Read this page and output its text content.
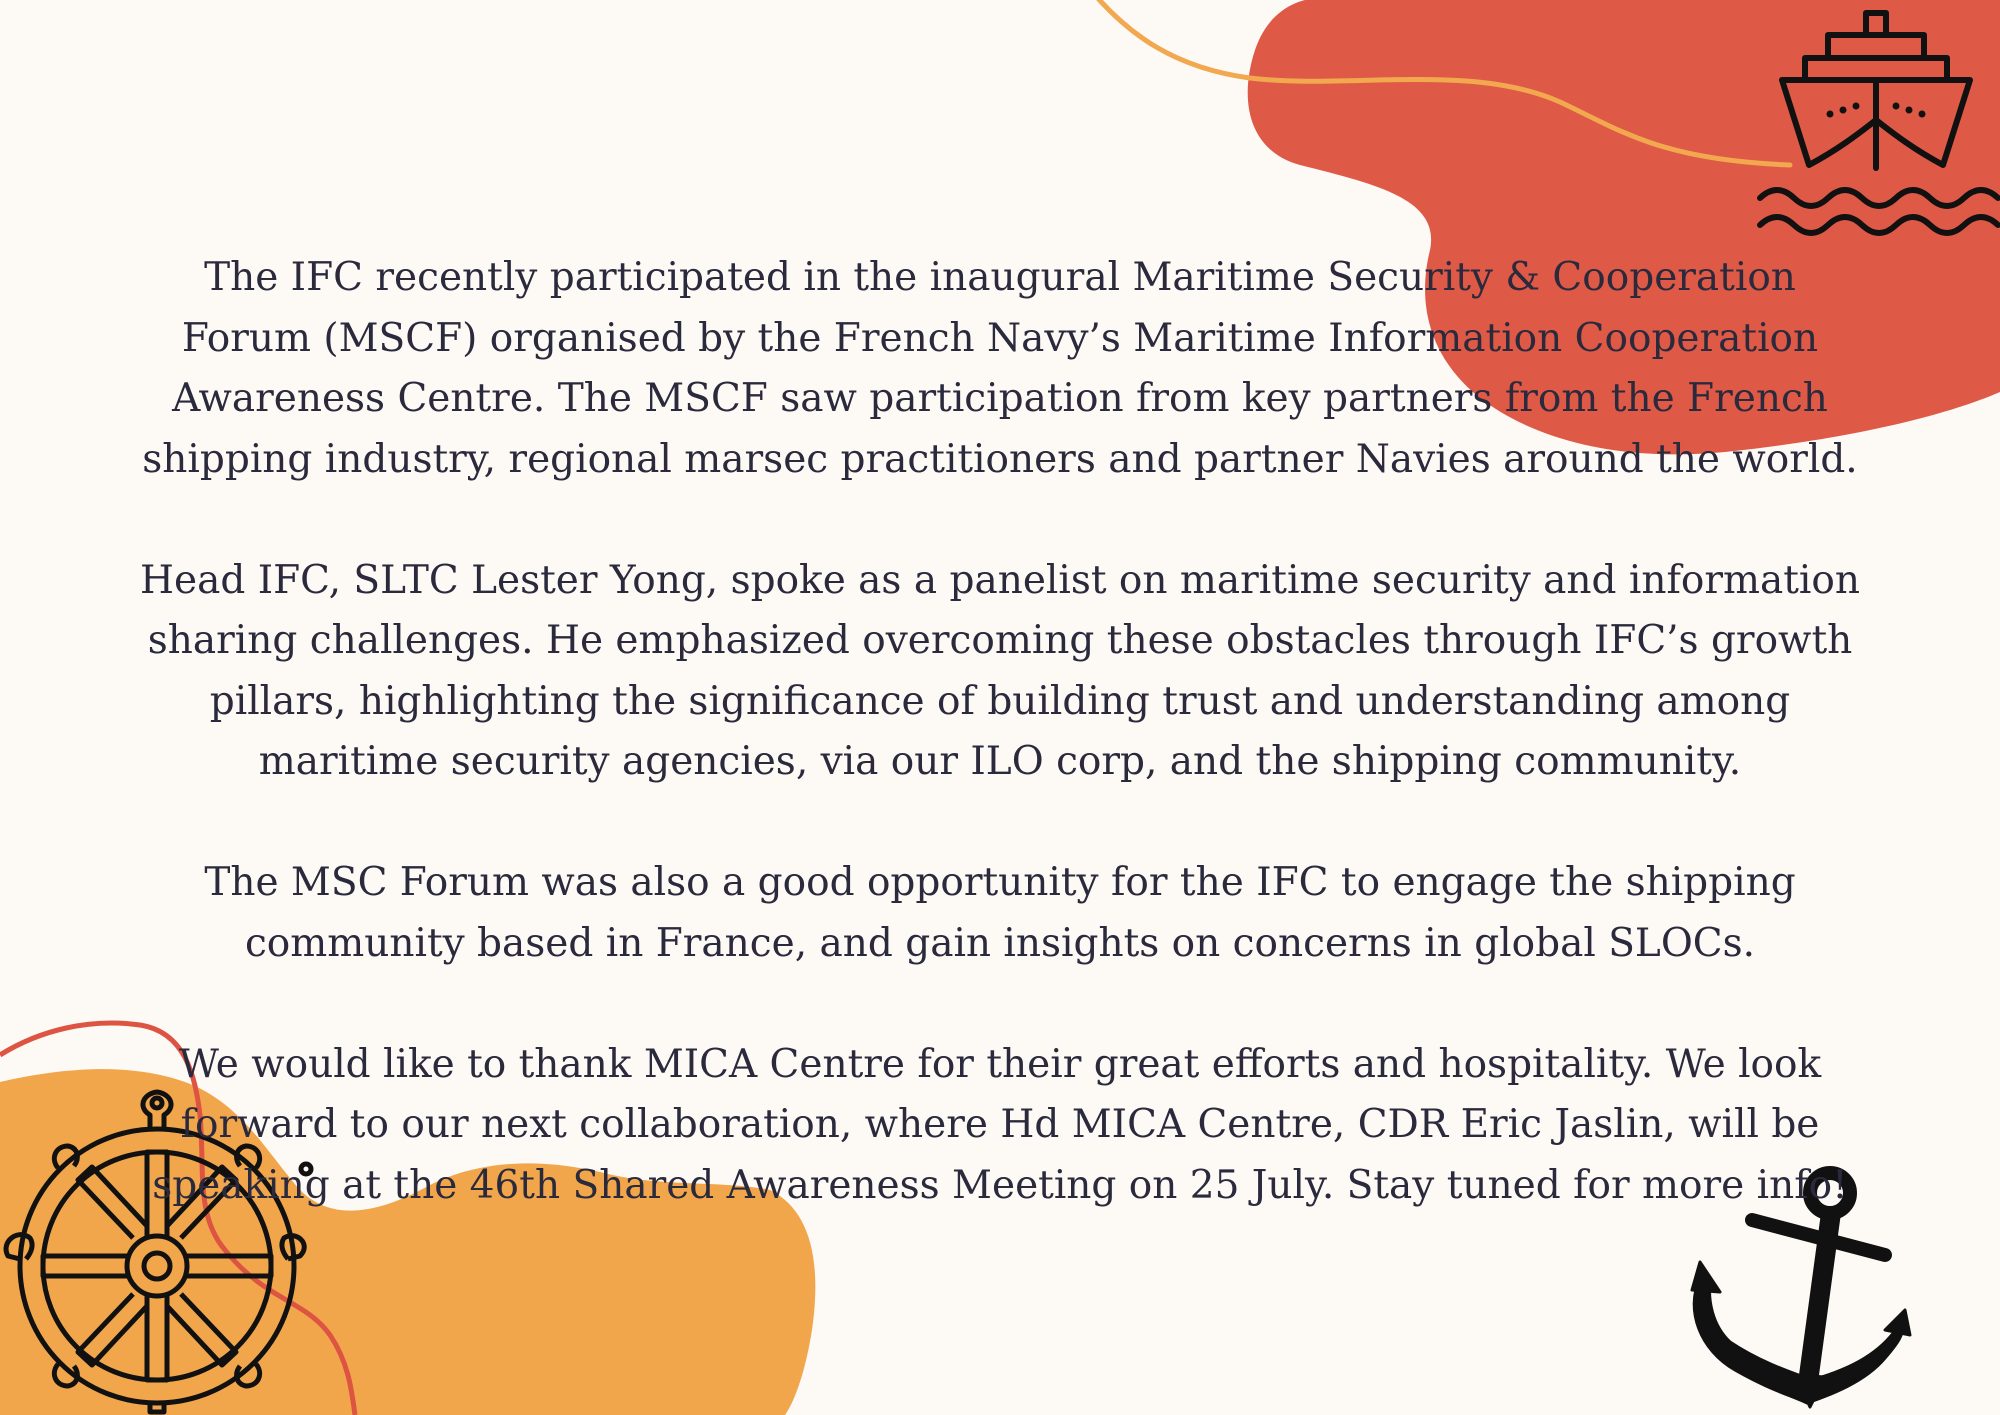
The IFC recently participated in the inaugural Maritime Security & Cooperation Forum (MSCF) organised by the French Navy’s Maritime Information Cooperation Awareness Centre. The MSCF saw participation from key partners from the French shipping industry, regional marsec practitioners and partner Navies around the world.

Head IFC, SLTC Lester Yong, spoke as a panelist on maritime security and information sharing challenges. He emphasized overcoming these obstacles through IFC’s growth pillars, highlighting the significance of building trust and understanding among maritime security agencies, via our ILO corp, and the shipping community.

The MSC Forum was also a good opportunity for the IFC to engage the shipping community based in France, and gain insights on concerns in global SLOCs.

We would like to thank MICA Centre for their great efforts and hospitality. We look forward to our next collaboration, where Hd MICA Centre, CDR Eric Jaslin, will be speaking at the 46th Shared Awareness Meeting on 25 July. Stay tuned for more info!
